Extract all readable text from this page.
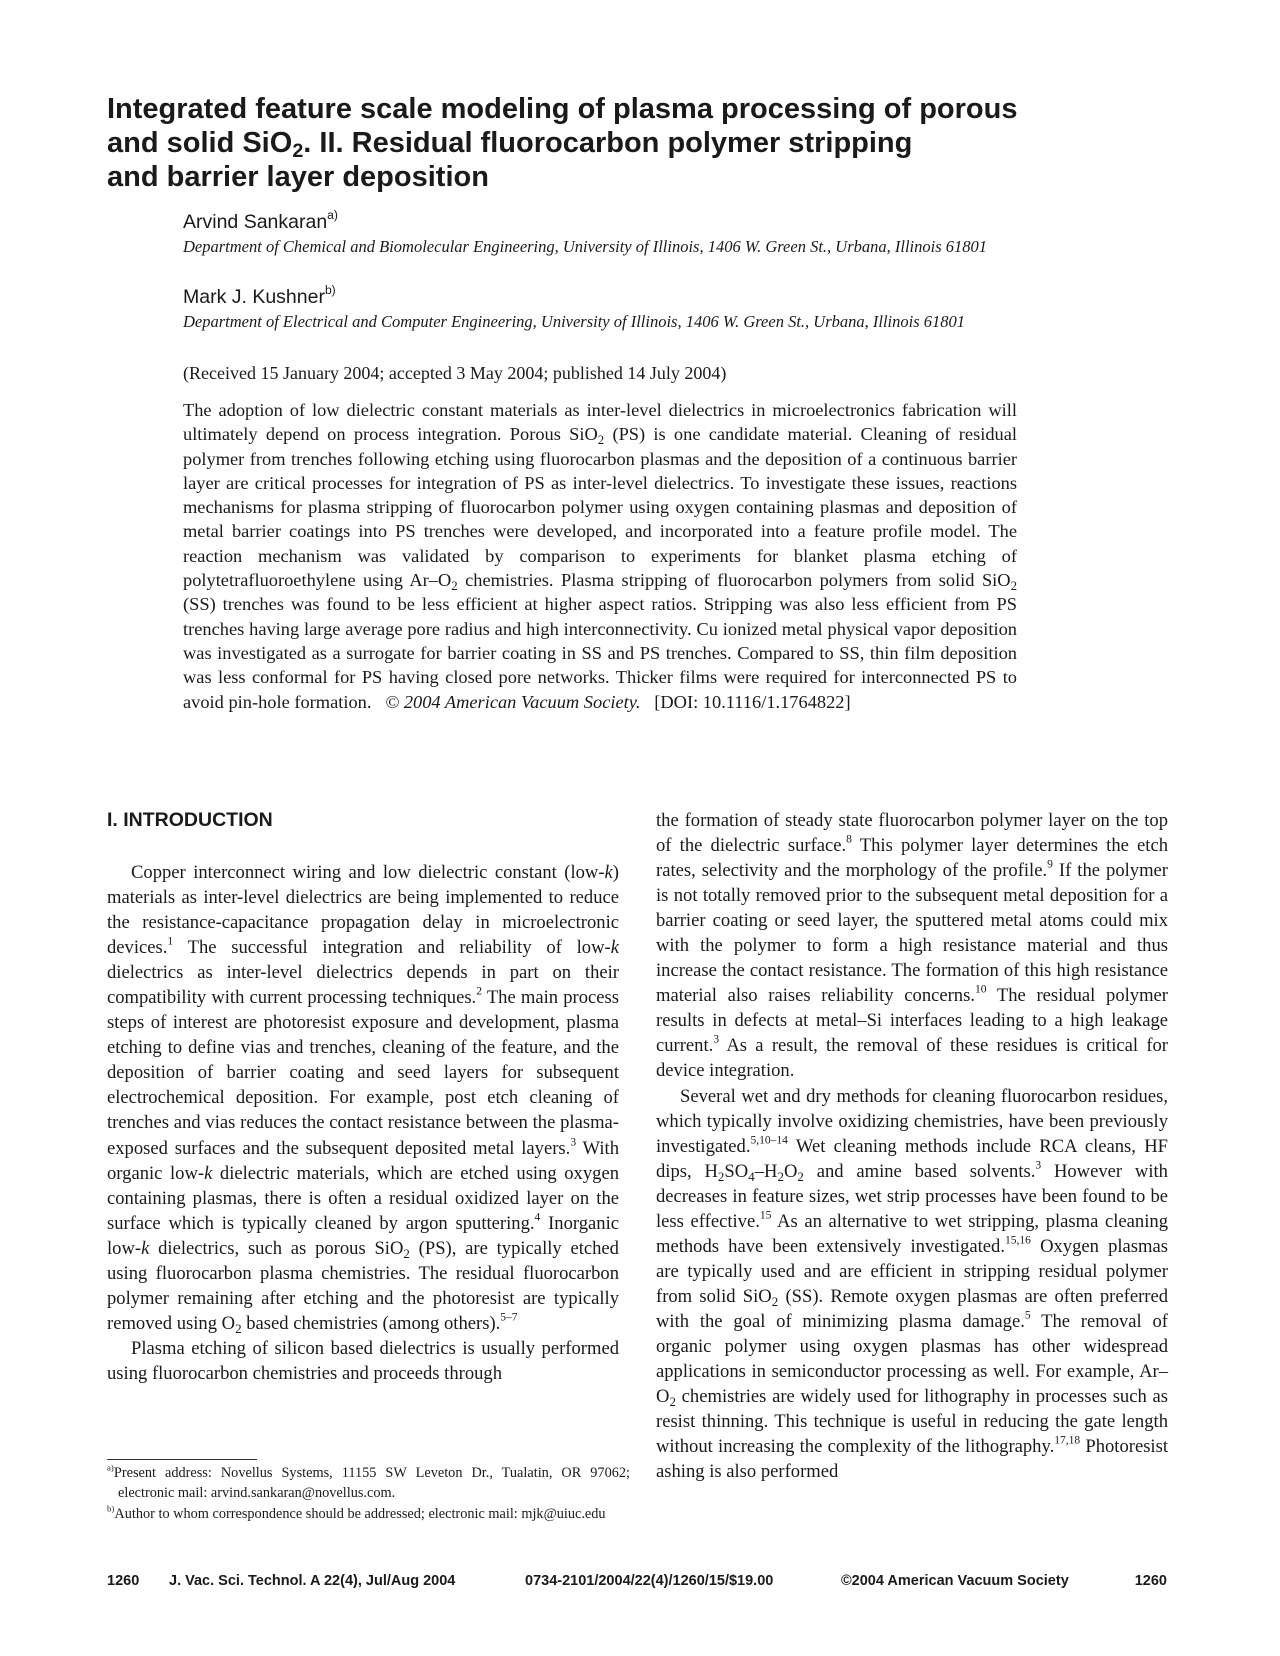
Integrated feature scale modeling of plasma processing of porous
and solid SiO$_2$. II. Residual fluorocarbon polymer stripping
and barrier layer deposition

Arvind Sankaran$^{a)}$

Department of Chemical and Biomolecular Engineering, University of Illinois, 1406 W. Green St., Urbana, Illinois 61801

Mark J. Kushner$^{b)}$

Department of Electrical and Computer Engineering, University of Illinois, 1406 W. Green St., Urbana, Illinois 61801

(Received 15 January 2004; accepted 3 May 2004; published 14 July 2004)

The adoption of low dielectric constant materials as inter-level dielectrics in microelectronics fabrication will ultimately depend on process integration. Porous SiO$_2$ (PS) is one candidate material. Cleaning of residual polymer from trenches following etching using fluorocarbon plasmas and the deposition of a continuous barrier layer are critical processes for integration of PS as inter-level dielectrics. To investigate these issues, reactions mechanisms for plasma stripping of fluorocarbon polymer using oxygen containing plasmas and deposition of metal barrier coatings into PS trenches were developed, and incorporated into a feature profile model. The reaction mechanism was validated by comparison to experiments for blanket plasma etching of polytetrafluoroethylene using $Ar-O_2$ chemistries. Plasma stripping of fluorocarbon polymers from solid SiO$_2$ (SS) trenches was found to be less efficient at higher aspect ratios. Stripping was also less efficient from PS trenches having large average pore radius and high interconnectivity. Cu ionized metal physical vapor deposition was investigated as a surrogate for barrier coating in SS and PS trenches. Compared to SS, thin film deposition was less conformal for PS having closed pore networks. Thicker films were required for interconnected PS to avoid pin-hole formation. © 2004 American Vacuum Society. [DOI: 10.1116/1.1764822]

I. INTRODUCTION

Copper interconnect wiring and low dielectric constant (low-k) materials as inter-level dielectrics are being implemented to reduce the resistance-capacitance propagation delay in microelectronic devices.$^1$ The successful integration and reliability of low-k dielectrics as inter-level dielectrics depends in part on their compatibility with current processing techniques.$^2$ The main process steps of interest are photoresist exposure and development, plasma etching to define vias and trenches, cleaning of the feature, and the deposition of barrier coating and seed layers for subsequent electrochemical deposition. For example, post etch cleaning of trenches and vias reduces the contact resistance between the plasma-exposed surfaces and the subsequent deposited metal layers.$^3$ With organic low-k dielectric materials, which are etched using oxygen containing plasmas, there is often a residual oxidized layer on the surface which is typically cleaned by argon sputtering.$^4$ Inorganic low-k dielectrics, such as porous SiO$_2$ (PS), are typically etched using fluorocarbon plasma chemistries. The residual fluorocarbon polymer remaining after etching and the photoresist are typically removed using $O_2$ based chemistries (among others).$^{5-7}$

Plasma etching of silicon based dielectrics is usually performed using fluorocarbon chemistries and proceeds through

the formation of steady state fluorocarbon polymer layer on the top of the dielectric surface.$^8$ This polymer layer determines the etch rates, selectivity and the morphology of the profile.$^9$ If the polymer is not totally removed prior to the subsequent metal deposition for a barrier coating or seed layer, the sputtered metal atoms could mix with the polymer to form a high resistance material and thus increase the contact resistance. The formation of this high resistance material also raises reliability concerns.$^{10}$ The residual polymer results in defects at metal–Si interfaces leading to a high leakage current.$^3$ As a result, the removal of these residues is critical for device integration.

Several wet and dry methods for cleaning fluorocarbon residues, which typically involve oxidizing chemistries, have been previously investigated.$^{5,10-14}$ Wet cleaning methods include RCA cleans, HF dips, $H_2SO_4-H_2O_2$ and amine based solvents.$^3$ However with decreases in feature sizes, wet strip processes have been found to be less effective.$^{15}$ As an alternative to wet stripping, plasma cleaning methods have been extensively investigated.$^{15,16}$ Oxygen plasmas are typically used and are efficient in stripping residual polymer from solid SiO$_2$ (SS). Remote oxygen plasmas are often preferred with the goal of minimizing plasma damage.$^5$ The removal of organic polymer using oxygen plasmas has other widespread applications in semiconductor processing as well. For example, $Ar-O_2$ chemistries are widely used for lithography in processes such as resist thinning. This technique is useful in reducing the gate length without increasing the complexity of the lithography.$^{17,18}$ Photoresist ashing is also performed

$^{a)}$Present address: Novellus Systems, 11155 SW Leveton Dr., Tualatin, OR 97062; electronic mail: arvind.sankaran@novellus.com.

$^{b)}$Author to whom correspondence should be addressed; electronic mail: mjk@uiuc.edu

1260 J. Vac. Sci. Technol. A 22(4), Jul/Aug 2004	0734-2101/2004/22(4)/1260/15/$19.00	©2004 American Vacuum Society	1260
